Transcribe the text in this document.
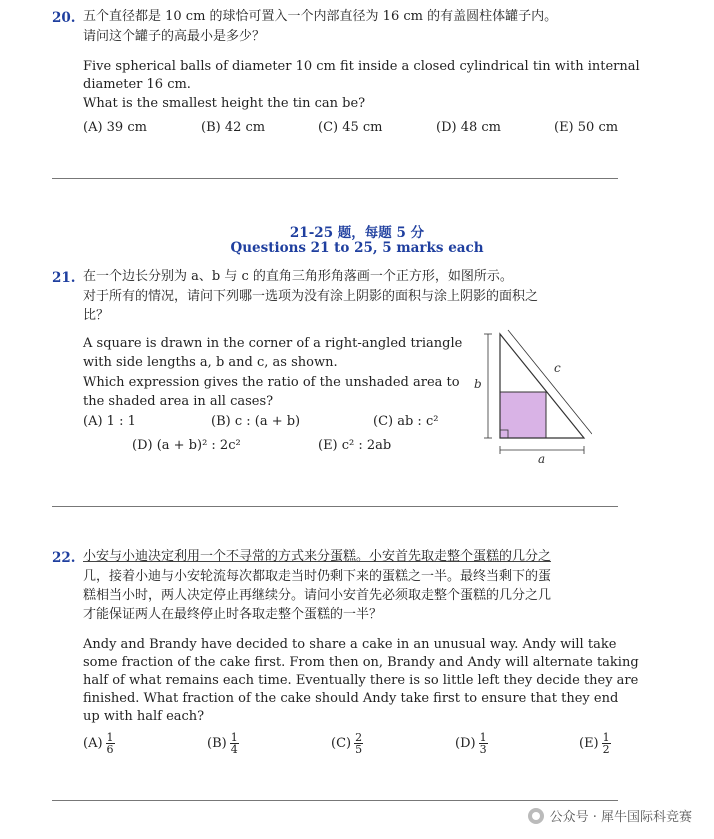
20. 五个直径都是 10 cm 的球恰可置入一个内部直径为 16 cm 的有盖圆柱体罐子内。
请问这个罐子的高最小是多少？
Five spherical balls of diameter 10 cm fit inside a closed cylindrical tin with internal
diameter 16 cm.
What is the smallest height the tin can be?
(A) 39 cm	(B) 42 cm	(C) 45 cm	(D) 48 cm	(E) 50 cm
21-25 题，每题 5 分
Questions 21 to 25, 5 marks each
21. 在一个边长分别为 a、b 与 c 的直角三角形角落画一个正方形，如图所示。
对于所有的情况，请问下列哪一选项为没有涂上阴影的面积与涂上阴影的面积之
比？
A square is drawn in the corner of a right-angled triangle
with side lengths a, b and c, as shown.
Which expression gives the ratio of the unshaded area to
the shaded area in all cases?
(A) 1 : 1	(B) c : (a + b)	(C) ab : c²
(D) (a + b)² : 2c²	(E) c² : 2ab
b
a
c
22. 小安与小迪决定利用一个不寻常的方式来分蛋糕。小安首先取走整个蛋糕的几分之
几，接着小迪与小安轮流每次都取走当时仍剩下来的蛋糕之一半。最终当剩下的蛋
糕相当小时，两人决定停止再继续分。请问小安首先必须取走整个蛋糕的几分之几
才能保证两人在最终停止时各取走整个蛋糕的一半？
Andy and Brandy have decided to share a cake in an unusual way. Andy will take
some fraction of the cake first. From then on, Brandy and Andy will alternate taking
half of what remains each time. Eventually there is so little left they decide they are
finished. What fraction of the cake should Andy take first to ensure that they end
up with half each?
$(A) \frac{1}{6}$	$(B) \frac{1}{4}$	$(C) \frac{2}{5}$	$(D) \frac{1}{3}$	$(E) \frac{1}{2}$
公众号 · 犀牛国际科竞赛
